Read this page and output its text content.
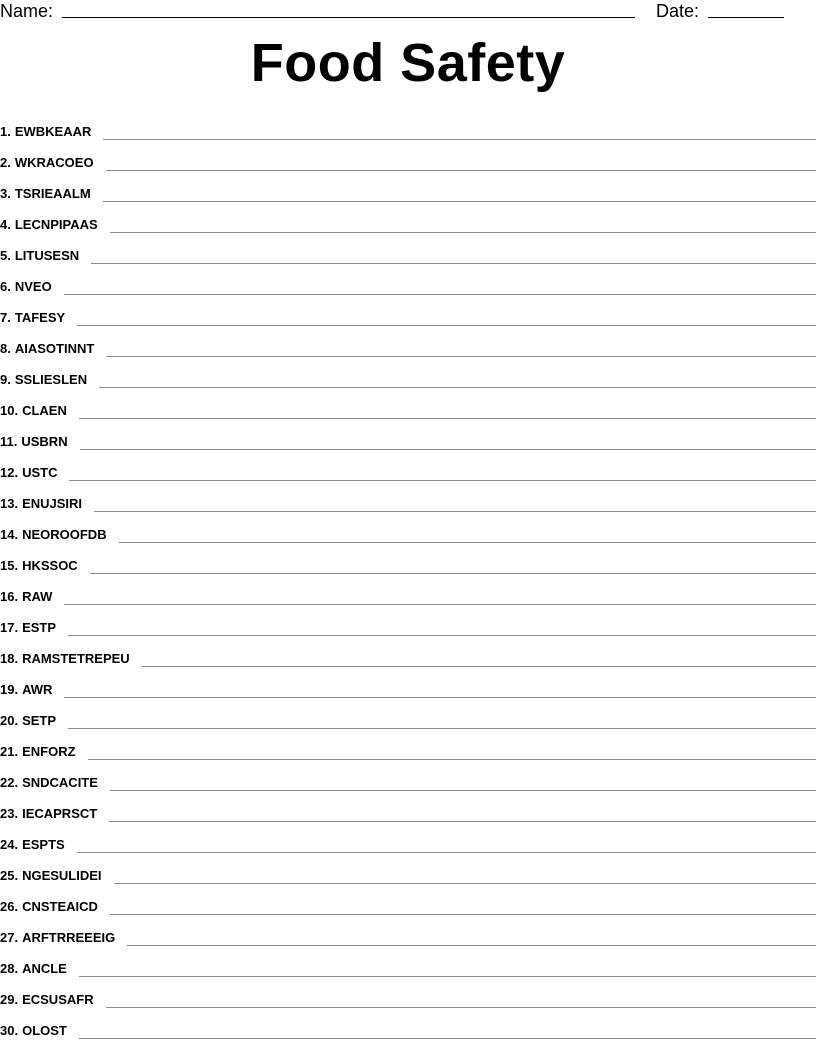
Name:	Date:
Food Safety
1. EWBKEAAR
2. WKRACOEO
3. TSRIEAALM
4. LECNPIPAAS
5. LITUSESN
6. NVEO
7. TAFESY
8. AIASOTINNT
9. SSLIESLEN
10. CLAEN
11. USBRN
12. USTC
13. ENUJSIRI
14. NEOROOFDB
15. HKSSOC
16. RAW
17. ESTP
18. RAMSTETREPEU
19. AWR
20. SETP
21. ENFORZ
22. SNDCACITE
23. IECAPRSCT
24. ESPTS
25. NGESULIDEI
26. CNSTEAICD
27. ARFTRREEEIG
28. ANCLE
29. ECSUSAFR
30. OLOST
